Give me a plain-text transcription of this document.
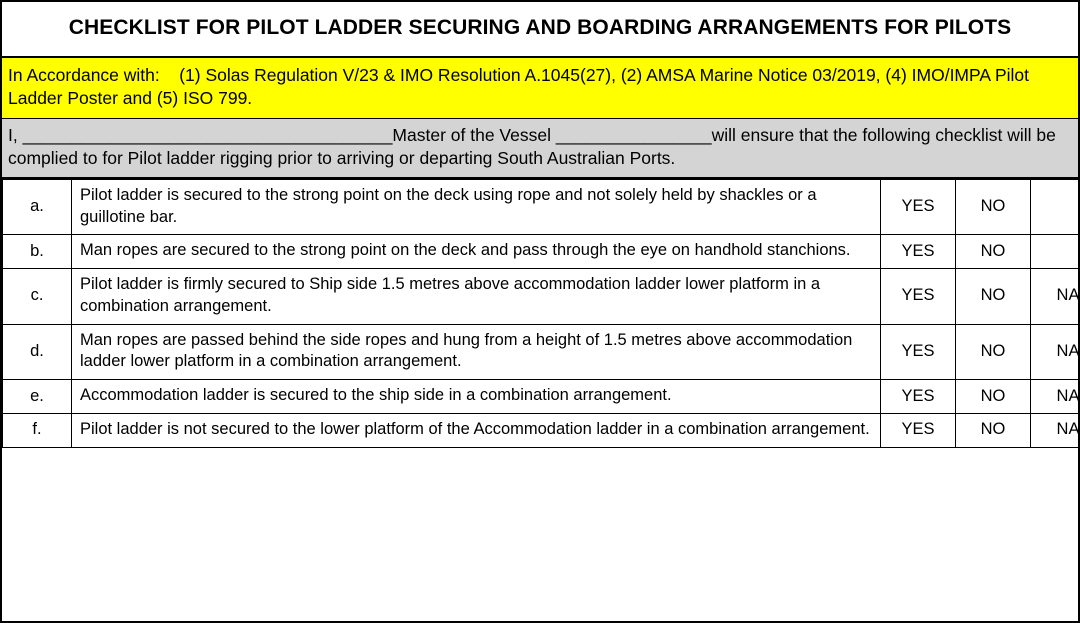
CHECKLIST FOR PILOT LADDER SECURING AND BOARDING ARRANGEMENTS FOR PILOTS
In Accordance with: (1) Solas Regulation V/23 & IMO Resolution A.1045(27), (2) AMSA Marine Notice 03/2019, (4) IMO/IMPA Pilot Ladder Poster and (5) ISO 799.
I, ______________________________________Master of the Vessel ________________will ensure that the following checklist will be complied to for Pilot ladder rigging prior to arriving or departing South Australian Ports.
a.	Pilot ladder is secured to the strong point on the deck using rope and not solely held by shackles or a guillotine bar.	YES	NO	
b.	Man ropes are secured to the strong point on the deck and pass through the eye on handhold stanchions.	YES	NO	
c.	Pilot ladder is firmly secured to Ship side 1.5 metres above accommodation ladder lower platform in a combination arrangement.	YES	NO	NA
d.	Man ropes are passed behind the side ropes and hung from a height of 1.5 metres above accommodation ladder lower platform in a combination arrangement.	YES	NO	NA
e.	Accommodation ladder is secured to the ship side in a combination arrangement.	YES	NO	NA
f.	Pilot ladder is not secured to the lower platform of the Accommodation ladder in a combination arrangement.	YES	NO	NA
